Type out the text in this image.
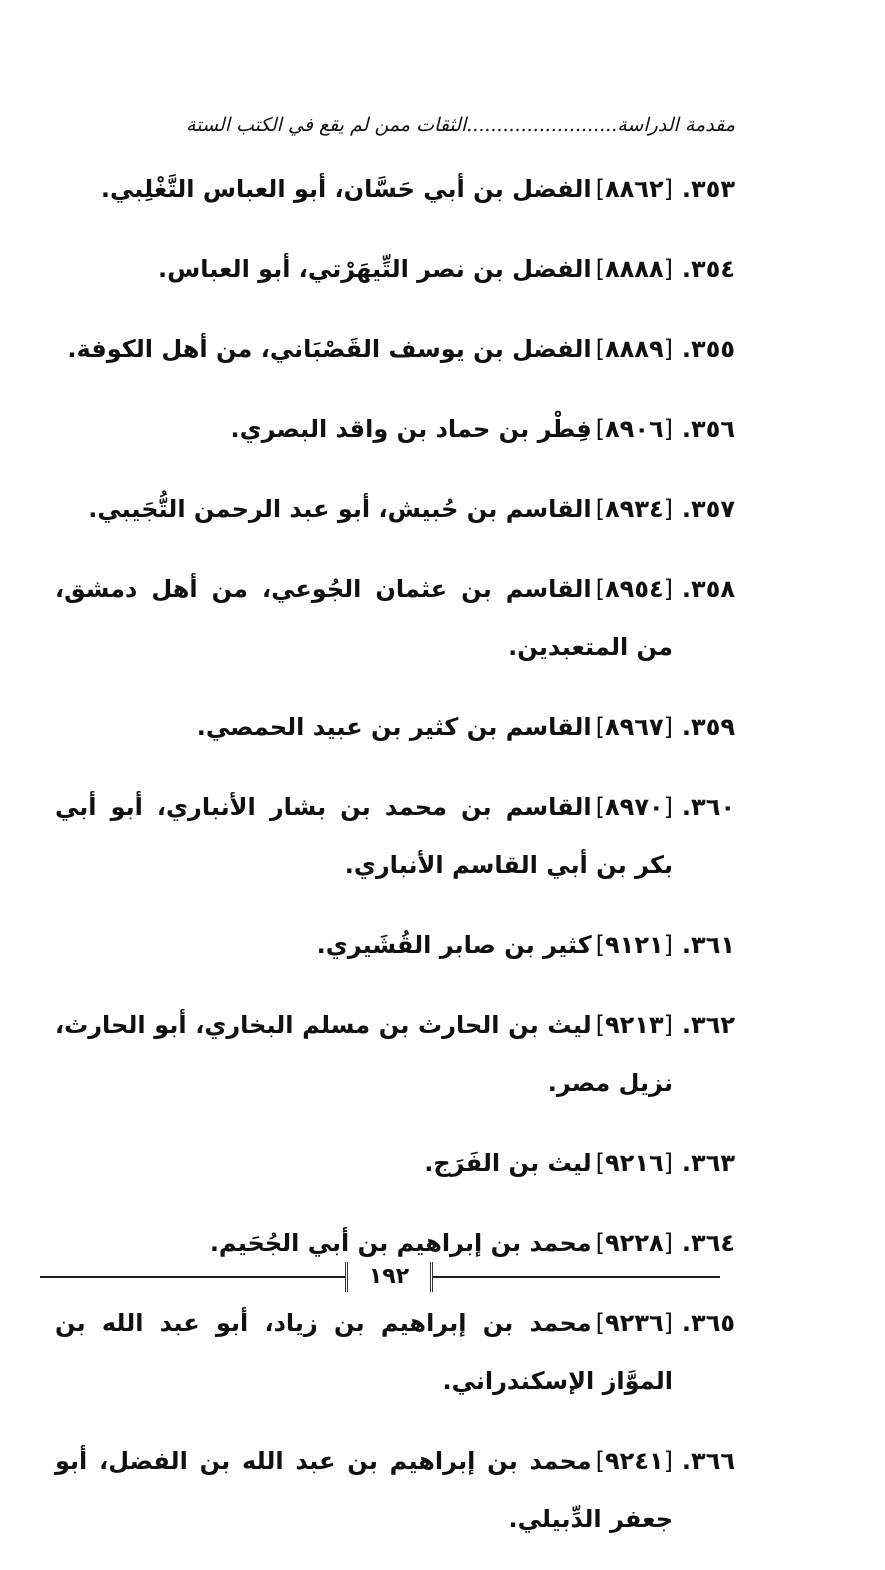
مقدمة الدراسة.........................الثقات ممن لم يقع في الكتب الستة
٣٥٣.
[٨٨٦٢]الفضل بن أبي حَسَّان، أبو العباس التَّغْلِبي.
٣٥٤.
[٨٨٨٨]الفضل بن نصر التِّيهَرْتي، أبو العباس.
٣٥٥.
[٨٨٨٩]الفضل بن يوسف القَصْبَاني، من أهل الكوفة.
٣٥٦.
[٨٩٠٦]فِطْر بن حماد بن واقد البصري.
٣٥٧.
[٨٩٣٤]القاسم بن حُبيش، أبو عبد الرحمن التُّجَيبي.
٣٥٨.
[٨٩٥٤]القاسم بن عثمان الجُوعي، من أهل دمشق، من المتعبدين.
٣٥٩.
[٨٩٦٧]القاسم بن كثير بن عبيد الحمصي.
٣٦٠.
[٨٩٧٠]القاسم بن محمد بن بشار الأنباري، أبو أبي بكر بن أبي القاسم الأنباري.
٣٦١.
[٩١٢١]كثير بن صابر القُشَيري.
٣٦٢.
[٩٢١٣]ليث بن الحارث بن مسلم البخاري، أبو الحارث، نزيل مصر.
٣٦٣.
[٩٢١٦]ليث بن الفَرَج.
٣٦٤.
[٩٢٢٨]محمد بن إبراهيم بن أبي الجُحَيم.
٣٦٥.
[٩٢٣٦]محمد بن إبراهيم بن زياد، أبو عبد الله بن الموَّاز الإسكندراني.
٣٦٦.
[٩٢٤١]محمد بن إبراهيم بن عبد الله بن الفضل، أبو جعفر الدِّبيلي.
١٩٢
